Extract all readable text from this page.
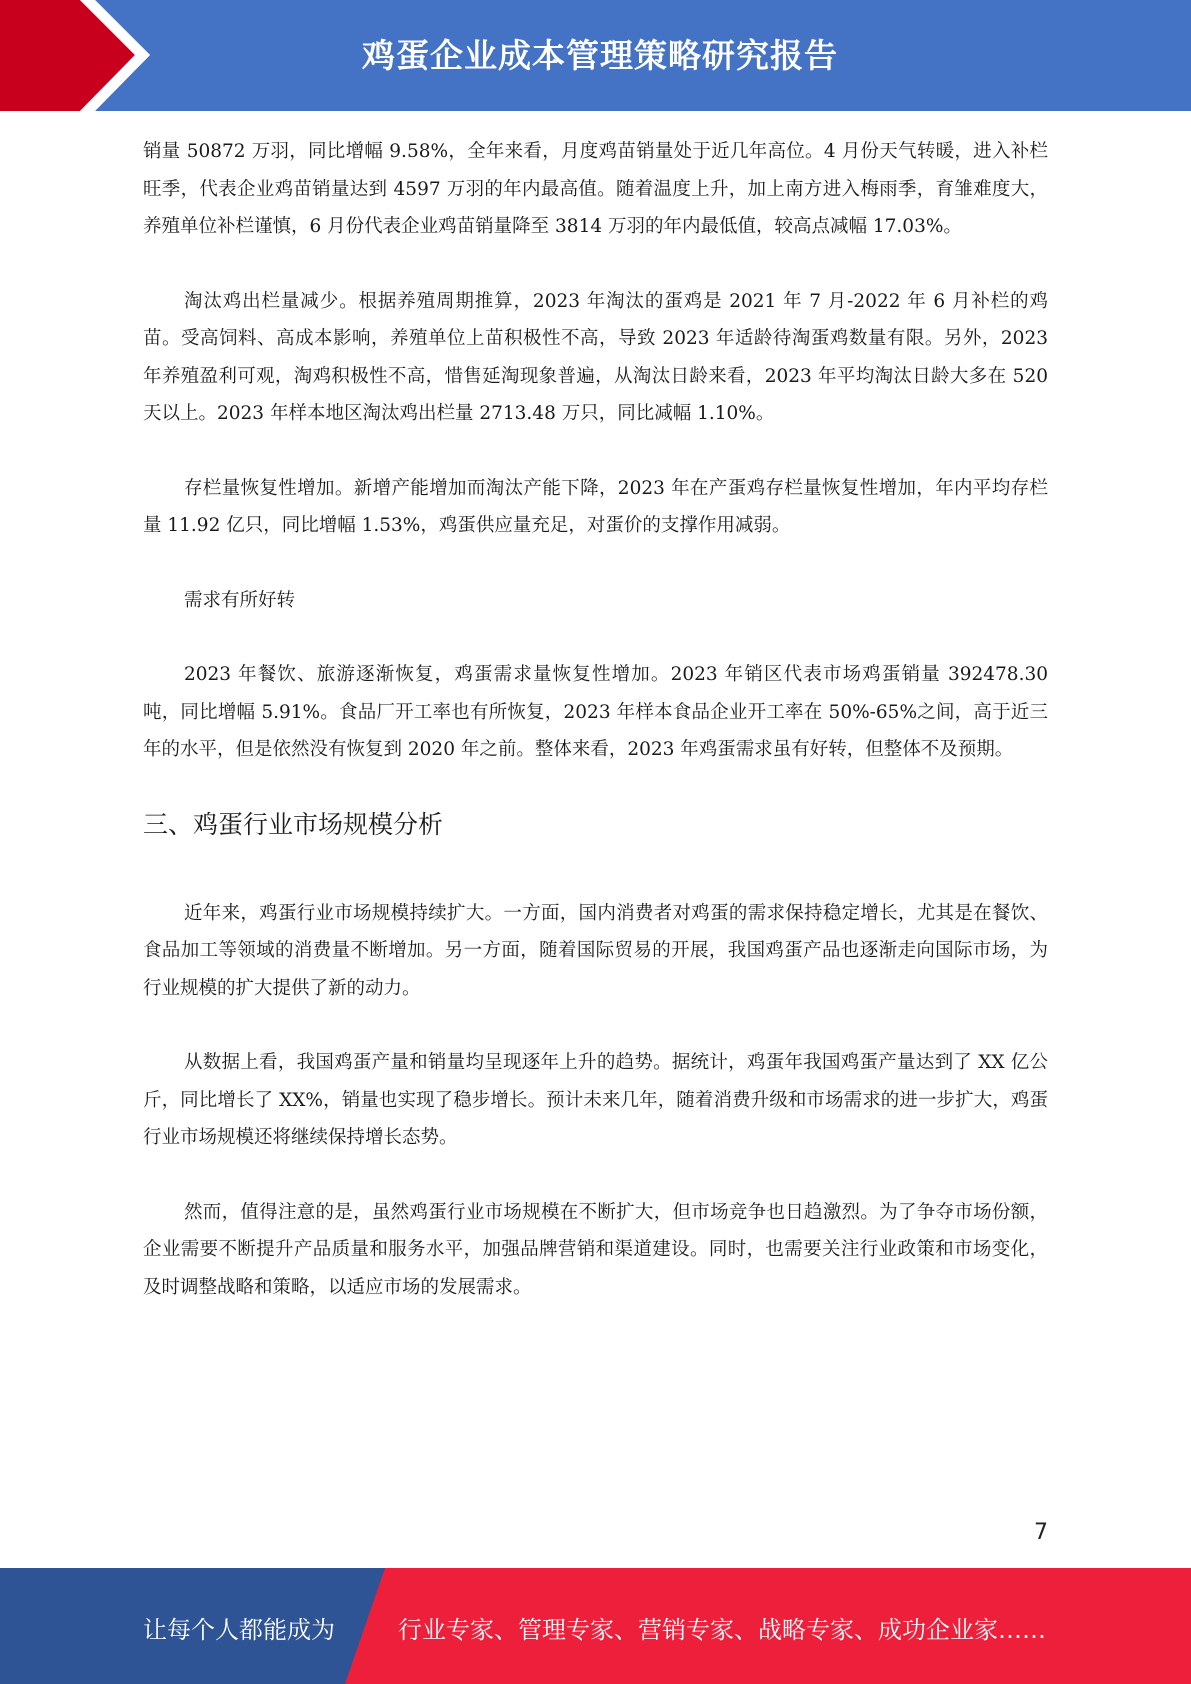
鸡蛋企业成本管理策略研究报告

销量 50872 万羽，同比增幅 9.58%，全年来看，月度鸡苗销量处于近几年高位。4 月份天气转暖，进入补栏旺季，代表企业鸡苗销量达到 4597 万羽的年内最高值。随着温度上升，加上南方进入梅雨季，育雏难度大，养殖单位补栏谨慎，6 月份代表企业鸡苗销量降至 3814 万羽的年内最低值，较高点减幅 17.03%。

淘汰鸡出栏量减少。根据养殖周期推算，2023 年淘汰的蛋鸡是 2021 年 7 月-2022 年 6 月补栏的鸡苗。受高饲料、高成本影响，养殖单位上苗积极性不高，导致 2023 年适龄待淘蛋鸡数量有限。另外，2023 年养殖盈利可观，淘鸡积极性不高，惜售延淘现象普遍，从淘汰日龄来看，2023 年平均淘汰日龄大多在 520 天以上。2023 年样本地区淘汰鸡出栏量 2713.48 万只，同比减幅 1.10%。

存栏量恢复性增加。新增产能增加而淘汰产能下降，2023 年在产蛋鸡存栏量恢复性增加，年内平均存栏量 11.92 亿只，同比增幅 1.53%，鸡蛋供应量充足，对蛋价的支撑作用减弱。

需求有所好转

2023 年餐饮、旅游逐渐恢复，鸡蛋需求量恢复性增加。2023 年销区代表市场鸡蛋销量 392478.30 吨，同比增幅 5.91%。食品厂开工率也有所恢复，2023 年样本食品企业开工率在 50%-65%之间，高于近三年的水平，但是依然没有恢复到 2020 年之前。整体来看，2023 年鸡蛋需求虽有好转，但整体不及预期。

三、鸡蛋行业市场规模分析

近年来，鸡蛋行业市场规模持续扩大。一方面，国内消费者对鸡蛋的需求保持稳定增长，尤其是在餐饮、食品加工等领域的消费量不断增加。另一方面，随着国际贸易的开展，我国鸡蛋产品也逐渐走向国际市场，为行业规模的扩大提供了新的动力。

从数据上看，我国鸡蛋产量和销量均呈现逐年上升的趋势。据统计，鸡蛋年我国鸡蛋产量达到了 XX 亿公斤，同比增长了 XX%，销量也实现了稳步增长。预计未来几年，随着消费升级和市场需求的进一步扩大，鸡蛋行业市场规模还将继续保持增长态势。

然而，值得注意的是，虽然鸡蛋行业市场规模在不断扩大，但市场竞争也日趋激烈。为了争夺市场份额，企业需要不断提升产品质量和服务水平，加强品牌营销和渠道建设。同时，也需要关注行业政策和市场变化，及时调整战略和策略，以适应市场的发展需求。

7
让每个人都能成为	行业专家、管理专家、营销专家、战略专家、成功企业家……
